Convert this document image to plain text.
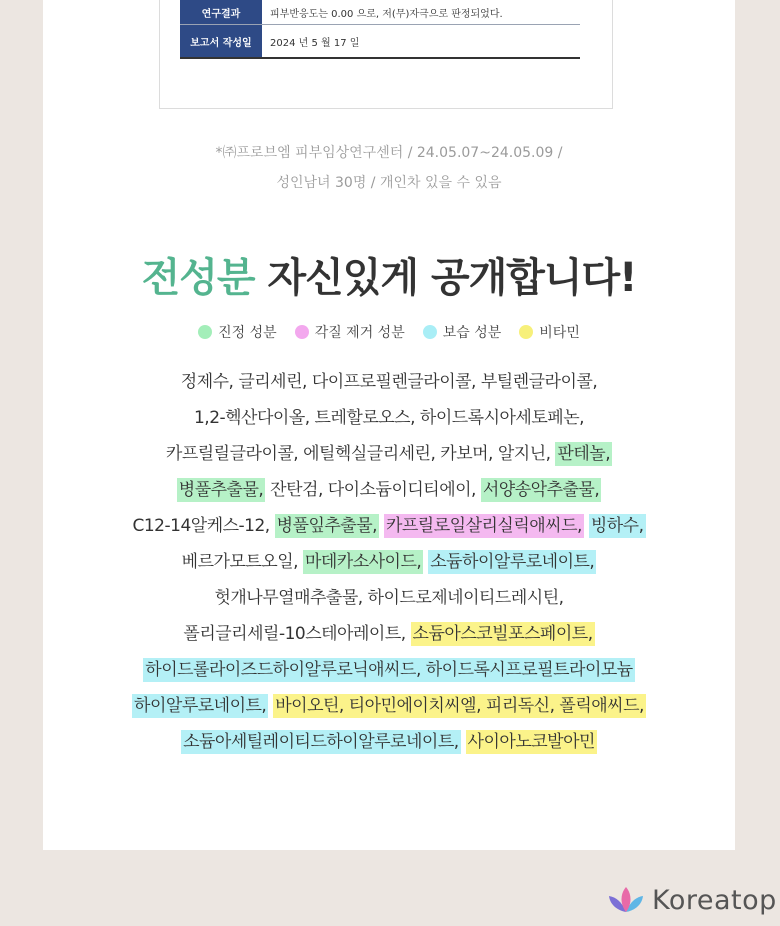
연구결과	피부반응도는 0.00 으로, 저(무)자극으로 판정되었다.
보고서 작성일	2024 년 5 월 17 일
*㈜프로브엠 피부임상연구센터 / 24.05.07~24.05.09 /
성인남녀 30명 / 개인차 있을 수 있음
전성분 자신있게 공개합니다!
진정 성분	각질 제거 성분	보습 성분	비타민
정제수, 글리세린, 다이프로필렌글라이콜, 부틸렌글라이콜,
1,2-헥산다이올, 트레할로오스, 하이드록시아세토페논,
카프릴릴글라이콜, 에틸헥실글리세린, 카보머, 알지닌, 판테놀,
병풀추출물, 잔탄검, 다이소듐이디티에이, 서양송악추출물,
C12-14알케스-12, 병풀잎추출물, 카프릴로일살리실릭애씨드, 빙하수,
베르가모트오일, 마데카소사이드, 소듐하이알루로네이트,
헛개나무열매추출물, 하이드로제네이티드레시틴,
폴리글리세릴-10스테아레이트, 소듐아스코빌포스페이트,
하이드롤라이즈드하이알루로닉애씨드, 하이드록시프로필트라이모늄
하이알루로네이트, 바이오틴, 티아민에이치씨엘, 피리독신, 폴릭애씨드,
소듐아세틸레이티드하이알루로네이트, 사이아노코발아민
Koreatop
